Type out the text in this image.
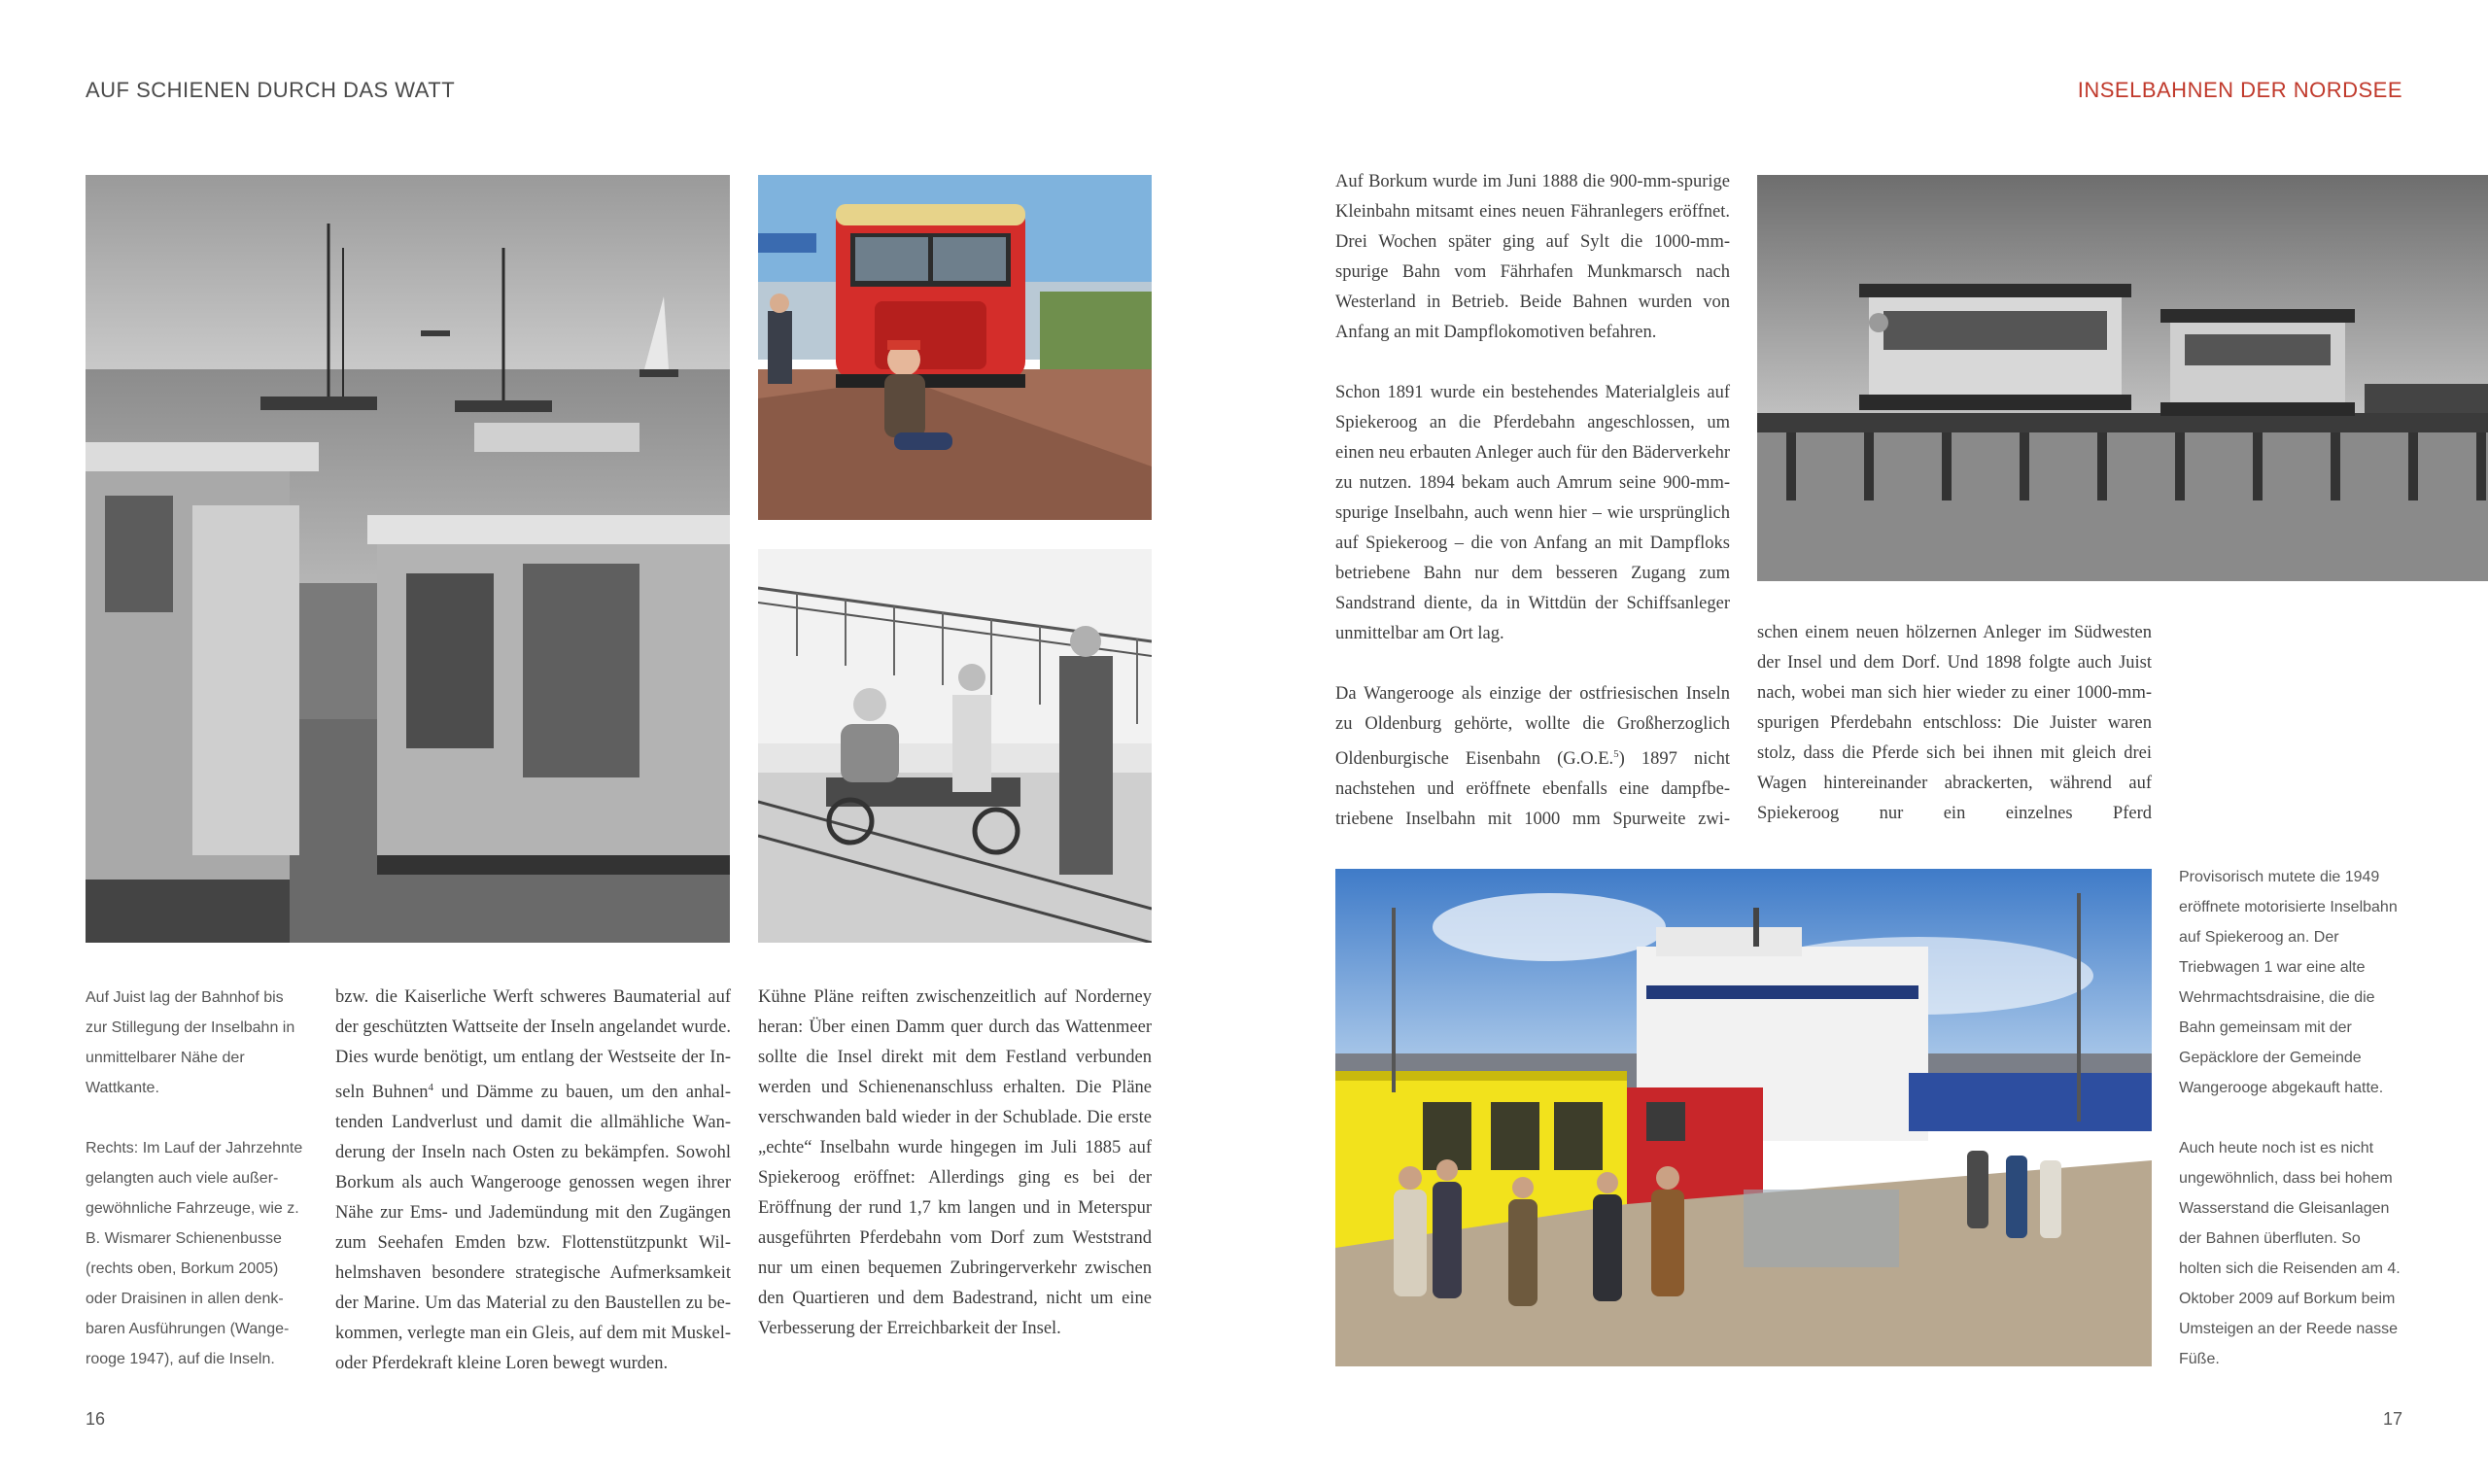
AUF SCHIENEN DURCH DAS WATT	INSELBAHNEN DER NORDSEE

Auf Juist lag der Bahnhof bis zur Stillegung der Inselbahn in unmittelbarer Nähe der Wattkante.

Rechts: Im Lauf der Jahrzehnte gelangten auch viele außergewöhnliche Fahrzeuge, wie z. B. Wismarer Schienenbusse (rechts oben, Borkum 2005) oder Draisinen in allen denkbaren Ausführungen (Wangerooge 1947), auf die Inseln.

bzw. die Kaiserliche Werft schweres Baumaterial auf der geschützten Wattseite der Inseln angelandet wurde. Dies wurde benötigt, um entlang der Westseite der Inseln Buhnen$^4$ und Dämme zu bauen, um den anhaltenden Landverlust und damit die allmähliche Wanderung der Inseln nach Osten zu bekämpfen. Sowohl Borkum als auch Wangerooge genossen wegen ihrer Nähe zur Ems- und Jademündung mit den Zugängen zum Seehafen Emden bzw. Flottenstützpunkt Wilhelmshaven besondere strategische Aufmerksamkeit der Marine. Um das Material zu den Baustellen zu bekommen, verlegte man ein Gleis, auf dem mit Muskel- oder Pferdekraft kleine Loren bewegt wurden.

Kühne Pläne reiften zwischenzeitlich auf Norderney heran: Über einen Damm quer durch das Wattenmeer sollte die Insel direkt mit dem Festland verbunden werden und Schienenanschluss erhalten. Die Pläne verschwanden bald wieder in der Schublade. Die erste „echte“ Inselbahn wurde hingegen im Juli 1885 auf Spiekeroog eröffnet: Allerdings ging es bei der Eröffnung der rund 1,7 km langen und in Meterspur ausgeführten Pferdebahn vom Dorf zum Weststrand nur um einen bequemen Zubringerverkehr zwischen den Quartieren und dem Badestrand, nicht um eine Verbesserung der Erreichbarkeit der Insel.

Auf Borkum wurde im Juni 1888 die 900-mm-spurige Kleinbahn mitsamt eines neuen Fähranlegers eröffnet. Drei Wochen später ging auf Sylt die 1000-mm-spurige Bahn vom Fährhafen Munkmarsch nach Westerland in Betrieb. Beide Bahnen wurden von Anfang an mit Dampflokomotiven befahren.

Schon 1891 wurde ein bestehendes Materialgleis auf Spiekeroog an die Pferdebahn angeschlossen, um einen neu erbauten Anleger auch für den Bäderverkehr zu nutzen. 1894 bekam auch Amrum seine 900-mm-spurige Inselbahn, auch wenn hier – wie ursprünglich auf Spiekeroog – die von Anfang an mit Dampfloks betriebene Bahn nur dem besseren Zugang zum Sandstrand diente, da in Wittdün der Schiffsanleger unmittelbar am Ort lag.

Da Wangerooge als einzige der ostfriesischen Inseln zu Oldenburg gehörte, wollte die Großherzoglich Oldenburgische Eisenbahn (G.O.E.$^5$) 1897 nicht nachstehen und eröffnete ebenfalls eine dampfbetriebene Inselbahn mit 1000 mm Spurweite zwi-

schen einem neuen hölzernen Anleger im Südwesten der Insel und dem Dorf. Und 1898 folgte auch Juist nach, wobei man sich hier wieder zu einer 1000-mm-spurigen Pferdebahn entschloss: Die Juister waren stolz, dass die Pferde sich bei ihnen mit gleich drei Wagen hintereinander abrackerten, während auf Spiekeroog nur ein einzelnes Pferd

Provisorisch mutete die 1949 eröffnete motorisierte Inselbahn auf Spiekeroog an. Der Triebwagen 1 war eine alte Wehrmachtsdraisine, die die Bahn gemeinsam mit der Gepäcklore der Gemeinde Wangerooge abgekauft hatte.

Auch heute noch ist es nicht ungewöhnlich, dass bei hohem Wasserstand die Gleisanlagen der Bahnen überfluten. So holten sich die Reisenden am 4. Oktober 2009 auf Borkum beim Umsteigen an der Reede nasse Füße.

16	17
